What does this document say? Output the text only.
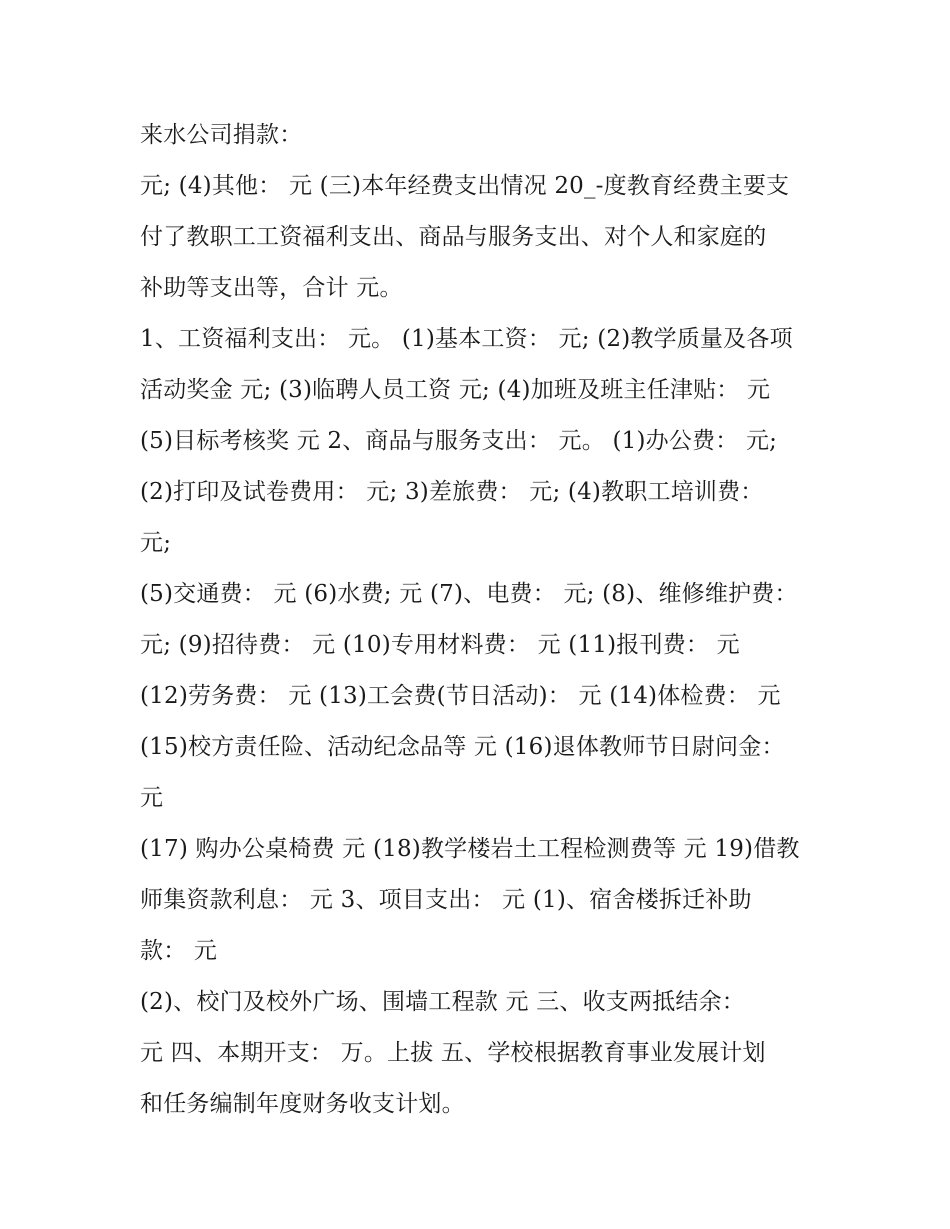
来水公司捐款：
元; (4)其他： 元 (三)本年经费支出情况 20_-度教育经费主要支
付了教职工工资福利支出、商品与服务支出、对个人和家庭的
补助等支出等，合计 元。
1、工资福利支出： 元。 (1)基本工资： 元; (2)教学质量及各项
活动奖金 元; (3)临聘人员工资 元; (4)加班及班主任津贴： 元
(5)目标考核奖 元 2、商品与服务支出： 元。 (1)办公费： 元;
(2)打印及试卷费用： 元; 3)差旅费： 元; (4)教职工培训费：
元;
(5)交通费： 元 (6)水费; 元 (7)、电费： 元; (8)、维修维护费：
元; (9)招待费： 元 (10)专用材料费： 元 (11)报刊费： 元
(12)劳务费： 元 (13)工会费(节日活动)： 元 (14)体检费： 元
(15)校方责任险、活动纪念品等 元 (16)退体教师节日尉问金：
元
(17) 购办公桌椅费 元 (18)教学楼岩土工程检测费等 元 19)借教
师集资款利息： 元 3、项目支出： 元 (1)、宿舍楼拆迁补助
款： 元
(2)、校门及校外广场、围墙工程款 元 三、收支两抵结余：
元 四、本期开支： 万。上拔 五、学校根据教育事业发展计划
和任务编制年度财务收支计划。
